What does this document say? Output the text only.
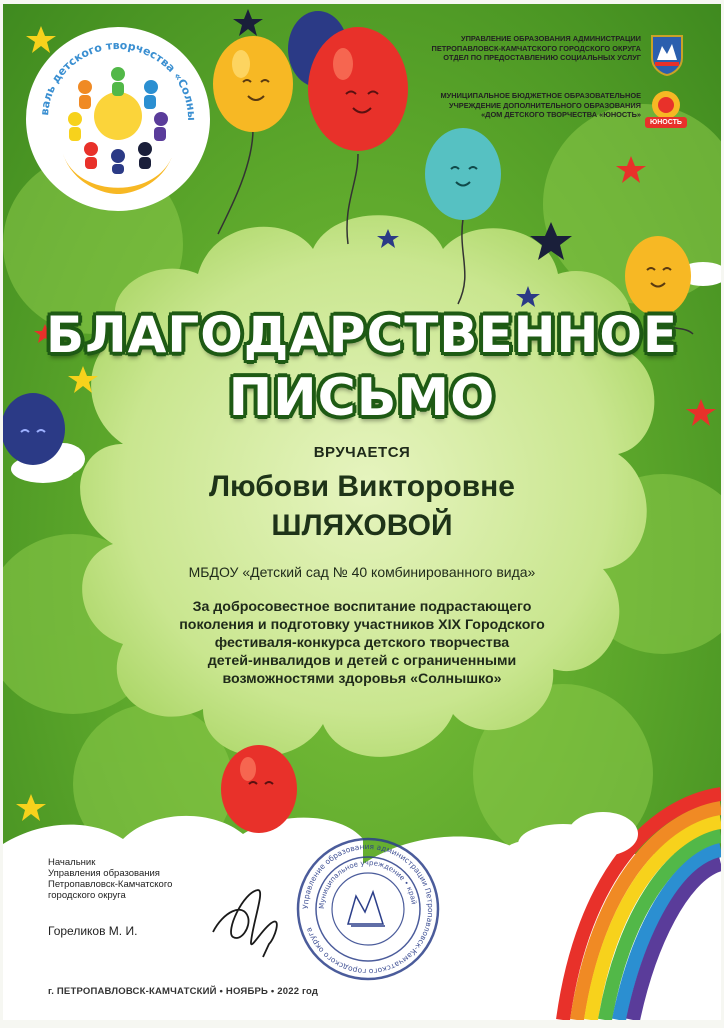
валь детского творчества «Солны
УПРАВЛЕНИЕ ОБРАЗОВАНИЯ АДМИНИСТРАЦИИ
ПЕТРОПАВЛОВСК-КАМЧАТСКОГО ГОРОДСКОГО ОКРУГА
ОТДЕЛ ПО ПРЕДОСТАВЛЕНИЮ СОЦИАЛЬНЫХ УСЛУГ
МУНИЦИПАЛЬНОЕ БЮДЖЕТНОЕ ОБРАЗОВАТЕЛЬНОЕ
УЧРЕЖДЕНИЕ ДОПОЛНИТЕЛЬНОГО ОБРАЗОВАНИЯ
«ДОМ ДЕТСКОГО ТВОРЧЕСТВА «ЮНОСТЬ»
ЮНОСТЬ
БЛАГОДАРСТВЕННОЕ
ПИСЬМО
ВРУЧАЕТСЯ
Любови Викторовне
ШЛЯХОВОЙ
МБДОУ «Детский сад № 40 комбинированного вида»
За добросовестное воспитание подрастающего
поколения и подготовку участников XIX Городского
фестиваля-конкурса детского творчества
детей-инвалидов и детей с ограниченными
возможностями здоровья «Солнышко»
Начальник
Управления образования
Петропавловск-Камчатского
городского округа
Гореликов М. И.
Управление образования администрации Петропавловск-Камчатского городского округа
Муниципальное учреждение • край
г. ПЕТРОПАВЛОВСК-КАМЧАТСКИЙ • НОЯБРЬ • 2022 год
